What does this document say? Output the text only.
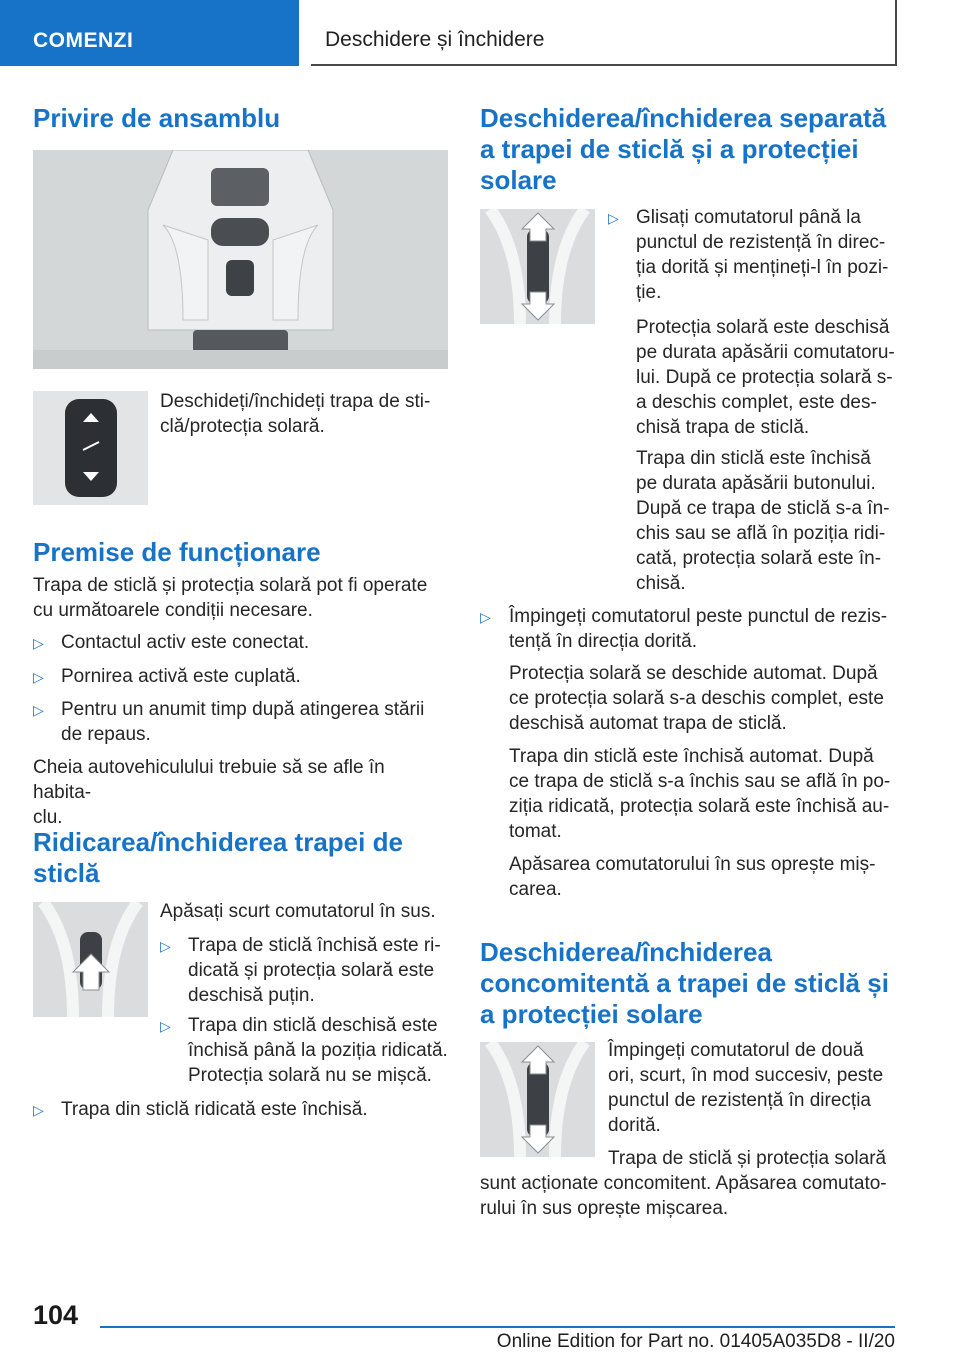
COMENZI	Deschidere și închidere
Privire de ansamblu

Deschideți/închideți trapa de sti-
clă/protecția solară.

Premise de funcționare

Trapa de sticlă și protecția solară pot fi operate
cu următoarele condiții necesare.

▷ Contactul activ este conectat.
▷ Pornirea activă este cuplată.
▷ Pentru un anumit timp după atingerea stării
de repaus.

Cheia autovehiculului trebuie să se afle în habita-
clu.

Ridicarea/închiderea trapei de
sticlă

Apăsați scurt comutatorul în sus.

▷ Trapa de sticlă închisă este ri-
dicată și protecția solară este
deschisă puțin.
▷ Trapa din sticlă deschisă este
închisă până la poziția ridicată.
Protecția solară nu se mișcă.
▷ Trapa din sticlă ridicată este închisă.
Deschiderea/închiderea separată
a trapei de sticlă și a protecției
solare
▷ Glisați comutatorul până la
punctul de rezistență în direc-
ția dorită și mențineți-l în pozi-
ție.

Protecția solară este deschisă
pe durata apăsării comutatoru-
lui. După ce protecția solară s-
a deschis complet, este des-
chisă trapa de sticlă.

Trapa din sticlă este închisă
pe durata apăsării butonului.
După ce trapa de sticlă s-a în-
chis sau se află în poziția ridi-
cată, protecția solară este în-
chisă.

▷ Împingeți comutatorul peste punctul de rezis-
tență în direcția dorită.

Protecția solară se deschide automat. După
ce protecția solară s-a deschis complet, este
deschisă automat trapa de sticlă.

Trapa din sticlă este închisă automat. După
ce trapa de sticlă s-a închis sau se află în po-
ziția ridicată, protecția solară este închisă au-
tomat.

Apăsarea comutatorului în sus oprește miș-
carea.

Deschiderea/închiderea
concomitentă a trapei de sticlă și
a protecției solare

Împingeți comutatorul de două
ori, scurt, în mod succesiv, peste
punctul de rezistență în direcția
dorită.

Trapa de sticlă și protecția solară
sunt acționate concomitent. Apăsarea comutato-
rului în sus oprește mișcarea.

104
Online Edition for Part no. 01405A035D8 - II/20
